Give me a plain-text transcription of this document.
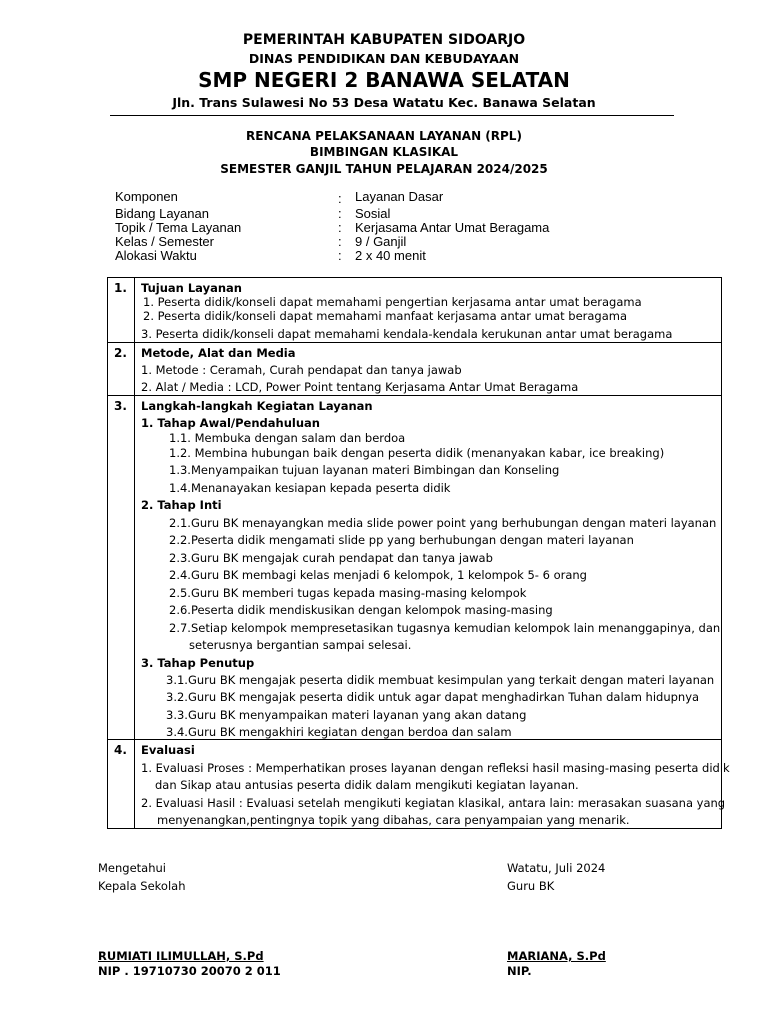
PEMERINTAH KABUPATEN SIDOARJO
DINAS PENDIDIKAN DAN KEBUDAYAAN
SMP NEGERI 2 BANAWA SELATAN
Jln. Trans Sulawesi No 53 Desa Watatu Kec. Banawa Selatan
RENCANA PELAKSANAAN LAYANAN (RPL)
BIMBINGAN KLASIKAL
SEMESTER GANJIL TAHUN PELAJARAN 2024/2025
Komponen	: Layanan Dasar
Bidang Layanan	: Sosial
Topik / Tema Layanan	: Kerjasama Antar Umat Beragama
Kelas / Semester	: 9 / Ganjil
Alokasi Waktu	: 2 x 40 menit
1. Tujuan Layanan
1. Peserta didik/konseli dapat memahami pengertian kerjasama antar umat beragama
2. Peserta didik/konseli dapat memahami manfaat kerjasama antar umat beragama
3. Peserta didik/konseli dapat memahami kendala-kendala kerukunan antar umat beragama
2. Metode, Alat dan Media
1. Metode : Ceramah, Curah pendapat dan tanya jawab
2. Alat / Media : LCD, Power Point tentang Kerjasama Antar Umat Beragama
3. Langkah-langkah Kegiatan Layanan
1. Tahap Awal/Pendahuluan
1.1. Membuka dengan salam dan berdoa
1.2. Membina hubungan baik dengan peserta didik (menanyakan kabar, ice breaking)
1.3.Menyampaikan tujuan layanan materi Bimbingan dan Konseling
1.4.Menanayakan kesiapan kepada peserta didik
2. Tahap Inti
2.1.Guru BK menayangkan media slide power point yang berhubungan dengan materi layanan
2.2.Peserta didik mengamati slide pp yang berhubungan dengan materi layanan
2.3.Guru BK mengajak curah pendapat dan tanya jawab
2.4.Guru BK membagi kelas menjadi 6 kelompok, 1 kelompok 5- 6 orang
2.5.Guru BK memberi tugas kepada masing-masing kelompok
2.6.Peserta didik mendiskusikan dengan kelompok masing-masing
2.7.Setiap kelompok mempresetasikan tugasnya kemudian kelompok lain menanggapinya, dan
seterusnya bergantian sampai selesai.
3. Tahap Penutup
3.1.Guru BK mengajak peserta didik membuat kesimpulan yang terkait dengan materi layanan
3.2.Guru BK mengajak peserta didik untuk agar dapat menghadirkan Tuhan dalam hidupnya
3.3.Guru BK menyampaikan materi layanan yang akan datang
3.4.Guru BK mengakhiri kegiatan dengan berdoa dan salam
4. Evaluasi
1. Evaluasi Proses : Memperhatikan proses layanan dengan refleksi hasil masing-masing peserta didik
dan Sikap atau antusias peserta didik dalam mengikuti kegiatan layanan.
2. Evaluasi Hasil : Evaluasi setelah mengikuti kegiatan klasikal, antara lain: merasakan suasana yang
menyenangkan,pentingnya topik yang dibahas, cara penyampaian yang menarik.
Mengetahui
Kepala Sekolah
RUMIATI ILIMULLAH, S.Pd
NIP . 19710730 20070 2 011
Watatu, Juli 2024
Guru BK
MARIANA, S.Pd
NIP.
